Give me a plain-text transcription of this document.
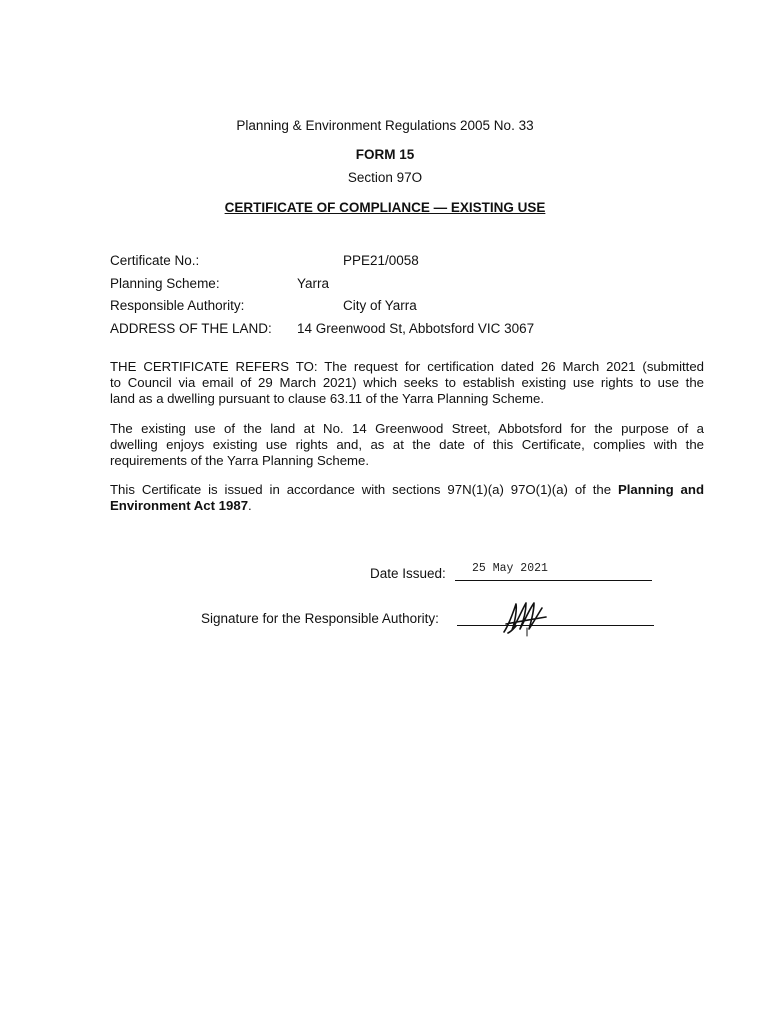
Planning & Environment Regulations 2005 No. 33
FORM 15
Section 97O
CERTIFICATE OF COMPLIANCE — EXISTING USE
Certificate No.:	PPE21/0058
Planning Scheme:	Yarra
Responsible Authority:	City of Yarra
ADDRESS OF THE LAND: 14 Greenwood St, Abbotsford VIC 3067
THE CERTIFICATE REFERS TO: The request for certification dated 26 March 2021 (submitted
to Council via email of 29 March 2021) which seeks to establish existing use rights to use the
land as a dwelling pursuant to clause 63.11 of the Yarra Planning Scheme.
The existing use of the land at No. 14 Greenwood Street, Abbotsford for the purpose of a
dwelling enjoys existing use rights and, as at the date of this Certificate, complies with the
requirements of the Yarra Planning Scheme.
This Certificate is issued in accordance with sections 97N(1)(a) 97O(1)(a) of the Planning and
Environment Act 1987.
Date Issued: 25 May 2021
Signature for the Responsible Authority:
